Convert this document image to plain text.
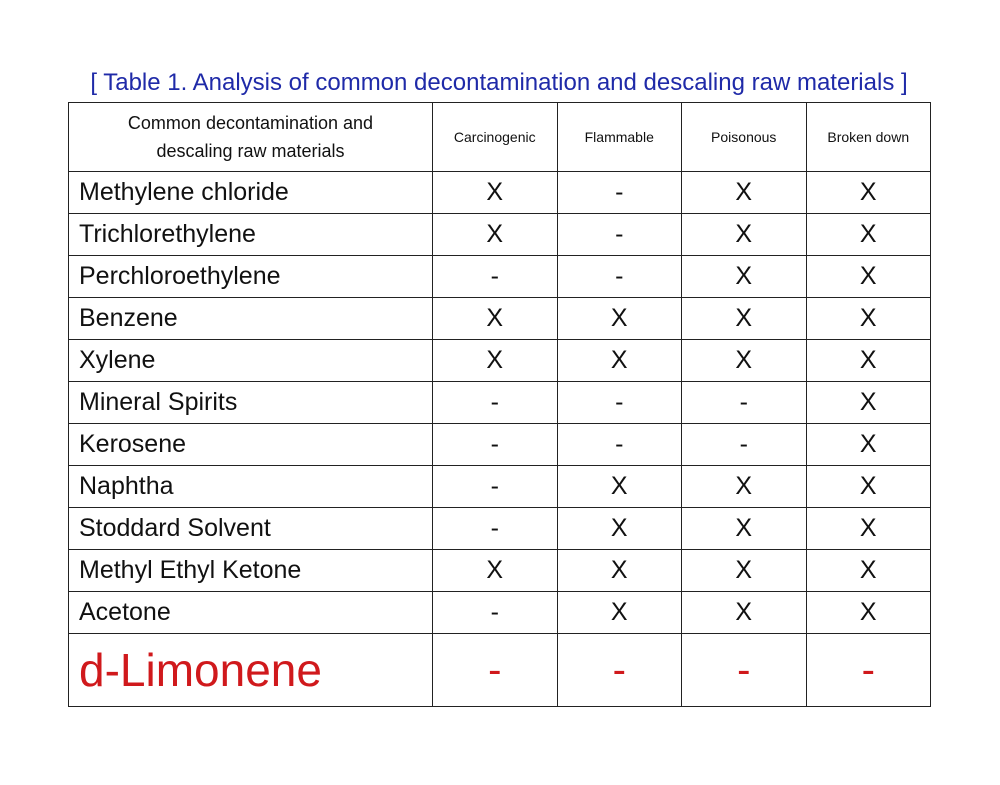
[ Table 1. Analysis of common decontamination and descaling raw materials ]
Common decontamination and
descaling raw materials	Carcinogenic	Flammable	Poisonous	Broken down
Methylene chloride	X	-	X	X
Trichlorethylene	X	-	X	X
Perchloroethylene	-	-	X	X
Benzene	X	X	X	X
Xylene	X	X	X	X
Mineral Spirits	-	-	-	X
Kerosene	-	-	-	X
Naphtha	-	X	X	X
Stoddard Solvent	-	X	X	X
Methyl Ethyl Ketone	X	X	X	X
Acetone	-	X	X	X
d-Limonene	-	-	-	-
